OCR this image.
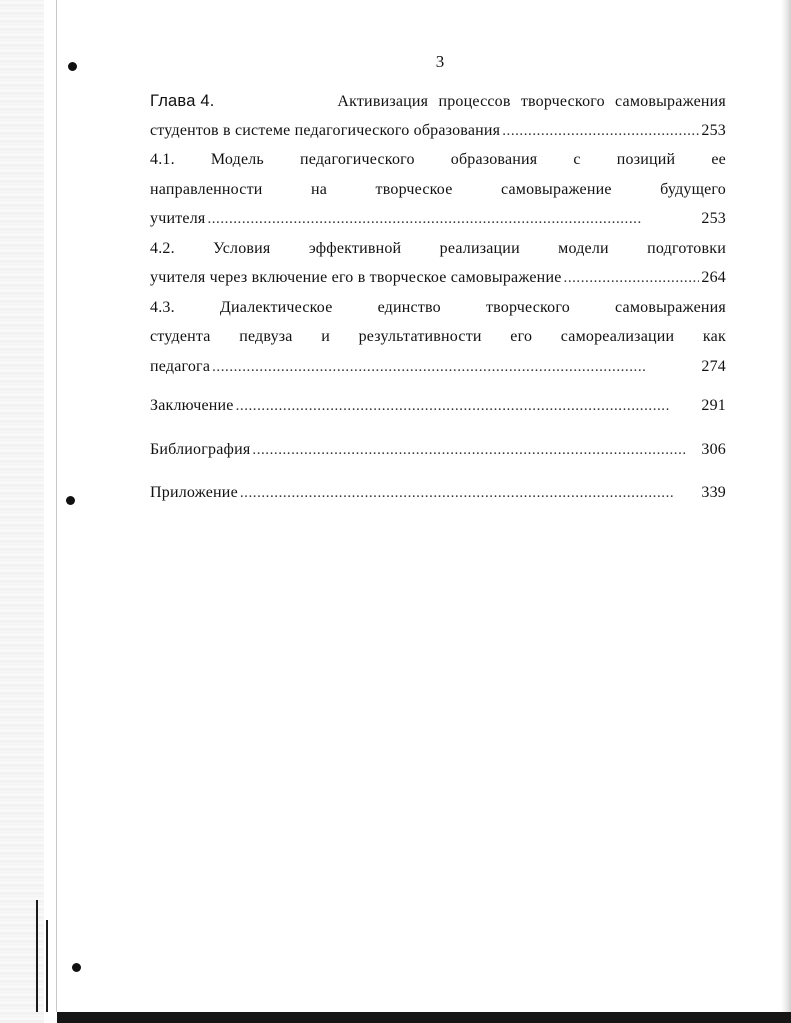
3
Глава 4.	Активизация процессов творческого самовыражения
студентов в системе педагогического образования . . .	253
4.1. Модель педагогического образования с позиций ее
направленности	на	творческое	самовыражение	будущего
учителя . . .	253
4.2. Условия эффективной реализации модели подготовки
учителя через включение его в творческое самовыражение . . .	264
4.3.	Диалектическое	единство	творческого	самовыражения
студента педвуза и результативности его самореализации как
педагога . . .	274
Заключение . . .	291
Библиография . . .	306
Приложение . . .	339
